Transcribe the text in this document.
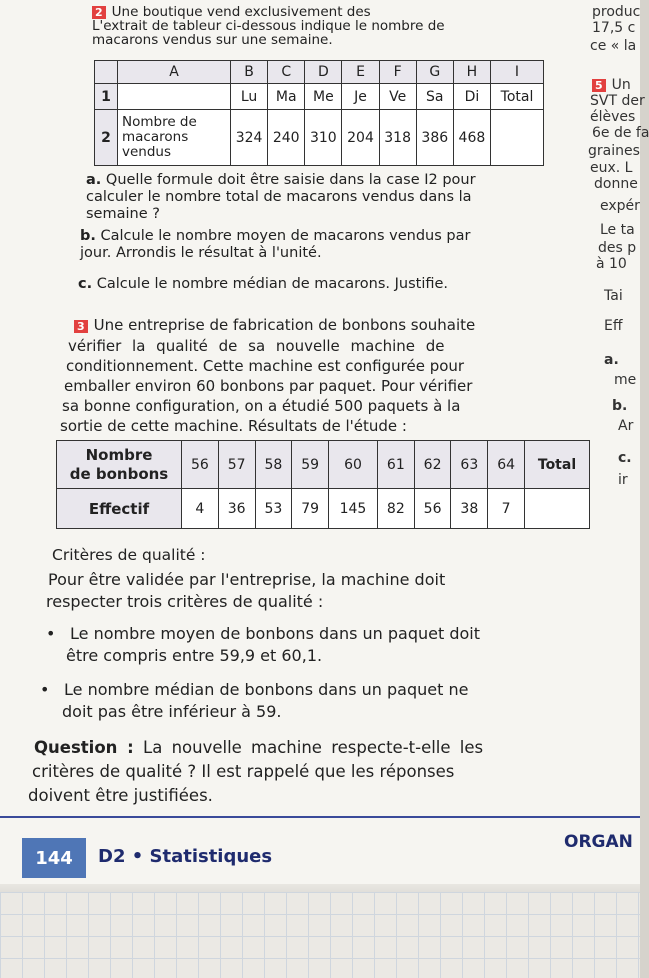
2 Une boutique vend exclusivement des
L'extrait de tableur ci-dessous indique le nombre de
macarons vendus sur une semaine.
	A	B	C	D	E	F	G	H	I
1		Lu	Ma	Me	Je	Ve	Sa	Di	Total
2	Nombre de
macarons
vendus	324	240	310	204	318	386	468	
a. Quelle formule doit être saisie dans la case I2 pour
calculer le nombre total de macarons vendus dans la
semaine ?
b. Calcule le nombre moyen de macarons vendus par
jour. Arrondis le résultat à l'unité.
c. Calcule le nombre médian de macarons. Justifie.
3 Une entreprise de fabrication de bonbons souhaite
vérifier la qualité de sa nouvelle machine de
conditionnement. Cette machine est configurée pour
emballer environ 60 bonbons par paquet. Pour vérifier
sa bonne configuration, on a étudié 500 paquets à la
sortie de cette machine. Résultats de l'étude :
Nombre
de bonbons	56	57	58	59	60	61	62	63	64	Total
Effectif	4	36	53	79	145	82	56	38	7	
Critères de qualité :
Pour être validée par l'entreprise, la machine doit
respecter trois critères de qualité :
• Le nombre moyen de bonbons dans un paquet doit
être compris entre 59,9 et 60,1.
• Le nombre médian de bonbons dans un paquet ne
doit pas être inférieur à 59.
Question : La nouvelle machine respecte-t-elle les
critères de qualité ? Il est rappelé que les réponses
doivent être justifiées.
produc
17,5 c
ce « la
5 Un
SVT der
élèves
6e de fa
graines
eux. L
donne
expér
Le ta
des p
à 10
Tai
Eff
a.
me
b.
Ar
c.
ir
144	D2 • Statistiques
ORGAN
